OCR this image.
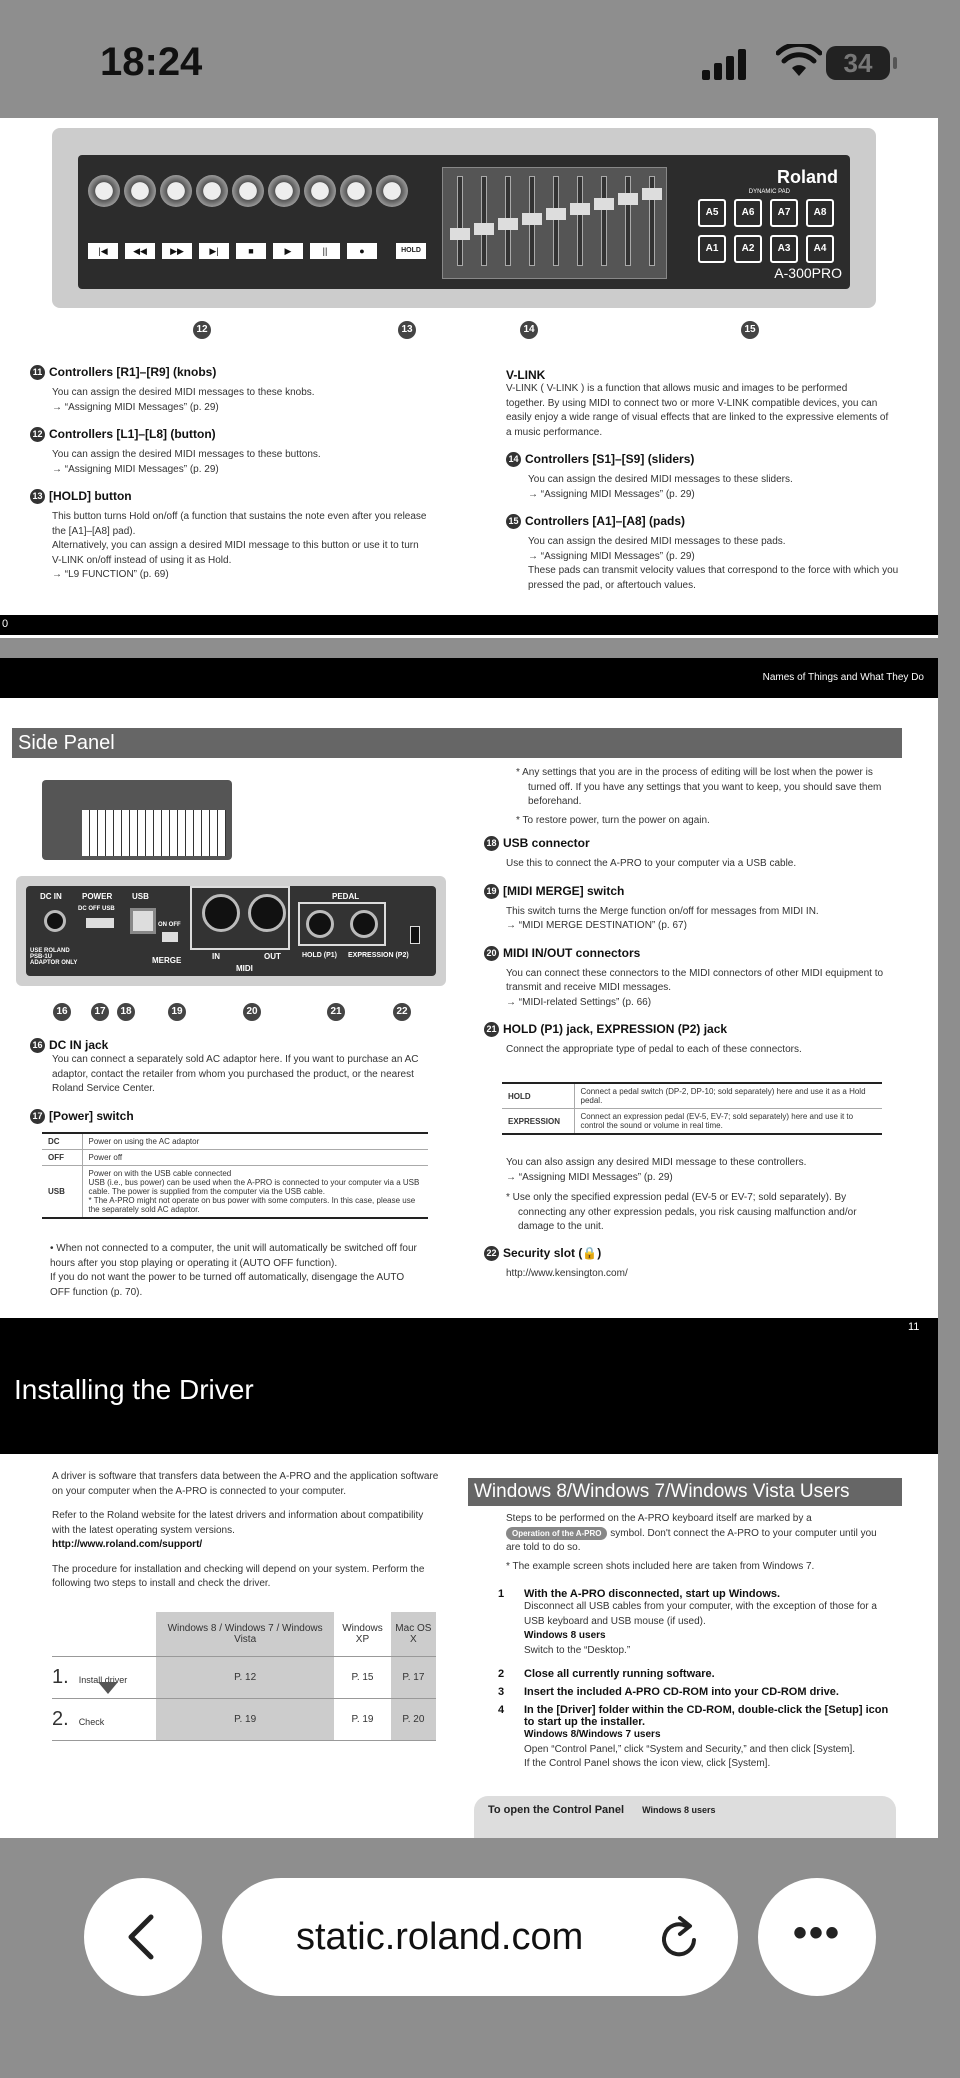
18:24	34
|◀	◀◀	▶▶	▶|	■	▶	||	●	HOLD
Roland
DYNAMIC PAD
A5	A6	A7	A8
A1	A2	A3	A4
A-300PRO
12	13	14	15
11 Controllers [R1]–[R9] (knobs)
You can assign the desired MIDI messages to these knobs.
→ “Assigning MIDI Messages” (p. 29)
12 Controllers [L1]–[L8] (button)
You can assign the desired MIDI messages to these buttons.
→ “Assigning MIDI Messages” (p. 29)
13 [HOLD] button
This button turns Hold on/off (a function that sustains the note even after you release
the [A1]–[A8] pad).
Alternatively, you can assign a desired MIDI message to this button or use it to turn
V-LINK on/off instead of using it as Hold.
→ “L9 FUNCTION” (p. 69)
V-LINK
V-LINK ( V-LINK ) is a function that allows music and images to be performed
together. By using MIDI to connect two or more V-LINK compatible devices, you can
easily enjoy a wide range of visual effects that are linked to the expressive elements of
a music performance.
14 Controllers [S1]–[S9] (sliders)
You can assign the desired MIDI messages to these sliders.
→ “Assigning MIDI Messages” (p. 29)
15 Controllers [A1]–[A8] (pads)
You can assign the desired MIDI messages to these pads.
→ “Assigning MIDI Messages” (p. 29)
These pads can transmit velocity values that correspond to the force with which you
pressed the pad, or aftertouch values.
0
Names of Things and What They Do
Side Panel
DC IN	POWER USB
DC OFF USB
ON OFF
MERGE	IN	OUT
MIDI
PEDAL
HOLD (P1) EXPRESSION (P2)
USE ROLAND PSB-1U ADAPTOR ONLY
16	17	18	19	20	21	22
16 DC IN jack
You can connect a separately sold AC adaptor here. If you want to purchase an AC
adaptor, contact the retailer from whom you purchased the product, or the nearest
Roland Service Center.
17 [Power] switch
DC	Power on using the AC adaptor
OFF	Power off
USB	Power on with the USB cable connected
USB (i.e., bus power) can be used when the A-PRO is connected to your computer via a USB cable. The power is supplied from the computer via the USB cable.
* The A-PRO might not operate on bus power with some computers. In this case, please use the separately sold AC adaptor.
• When not connected to a computer, the unit will automatically be switched off four
hours after you stop playing or operating it (AUTO OFF function).
If you do not want the power to be turned off automatically, disengage the AUTO
OFF function (p. 70).
* Any settings that you are in the process of editing will be lost when the power is
turned off. If you have any settings that you want to keep, you should save them
beforehand.
* To restore power, turn the power on again.
18 USB connector
Use this to connect the A-PRO to your computer via a USB cable.
19 [MIDI MERGE] switch
This switch turns the Merge function on/off for messages from MIDI IN.
→ “MIDI MERGE DESTINATION” (p. 67)
20 MIDI IN/OUT connectors
You can connect these connectors to the MIDI connectors of other MIDI equipment to
transmit and receive MIDI messages.
→ “MIDI-related Settings” (p. 66)
21 HOLD (P1) jack, EXPRESSION (P2) jack
Connect the appropriate type of pedal to each of these connectors.
HOLD	Connect a pedal switch (DP-2, DP-10; sold separately) here and use it as a Hold pedal.
EXPRESSION	Connect an expression pedal (EV-5, EV-7; sold separately) here and use it to control the sound or volume in real time.
You can also assign any desired MIDI message to these controllers.
→ “Assigning MIDI Messages” (p. 29)
* Use only the specified expression pedal (EV-5 or EV-7; sold separately). By
connecting any other expression pedals, you risk causing malfunction and/or
damage to the unit.
22 Security slot (🔒)
http://www.kensington.com/
11
Installing the Driver
A driver is software that transfers data between the A-PRO and the application software
on your computer when the A-PRO is connected to your computer.
Refer to the Roland website for the latest drivers and information about compatibility
with the latest operating system versions.
http://www.roland.com/support/
The procedure for installation and checking will depend on your system. Perform the
following two steps to install and check the driver.
	Windows 8 / Windows 7 / Windows Vista	Windows XP	Mac OS X
1. Install driver	P. 12	P. 15	P. 17
2. Check	P. 19	P. 19	P. 20
Windows 8/Windows 7/Windows Vista Users
Steps to be performed on the A-PRO keyboard itself are marked by a
Operation of the A-PRO symbol. Don't connect the A-PRO to your computer until you
are told to do so.
* The example screen shots included here are taken from Windows 7.
1 With the A-PRO disconnected, start up Windows.
Disconnect all USB cables from your computer, with the exception of those for a
USB keyboard and USB mouse (if used).
Windows 8 users
Switch to the “Desktop.”
2 Close all currently running software.
3 Insert the included A-PRO CD-ROM into your CD-ROM drive.
4	In the [Driver] folder within the CD-ROM, double-click the [Setup] icon to start up the installer.
Windows 8/Windows 7 users
Open “Control Panel,” click “System and Security,” and then click [System].
If the Control Panel shows the icon view, click [System].
To open the Control Panel Windows 8 users
static.roland.com	•••
